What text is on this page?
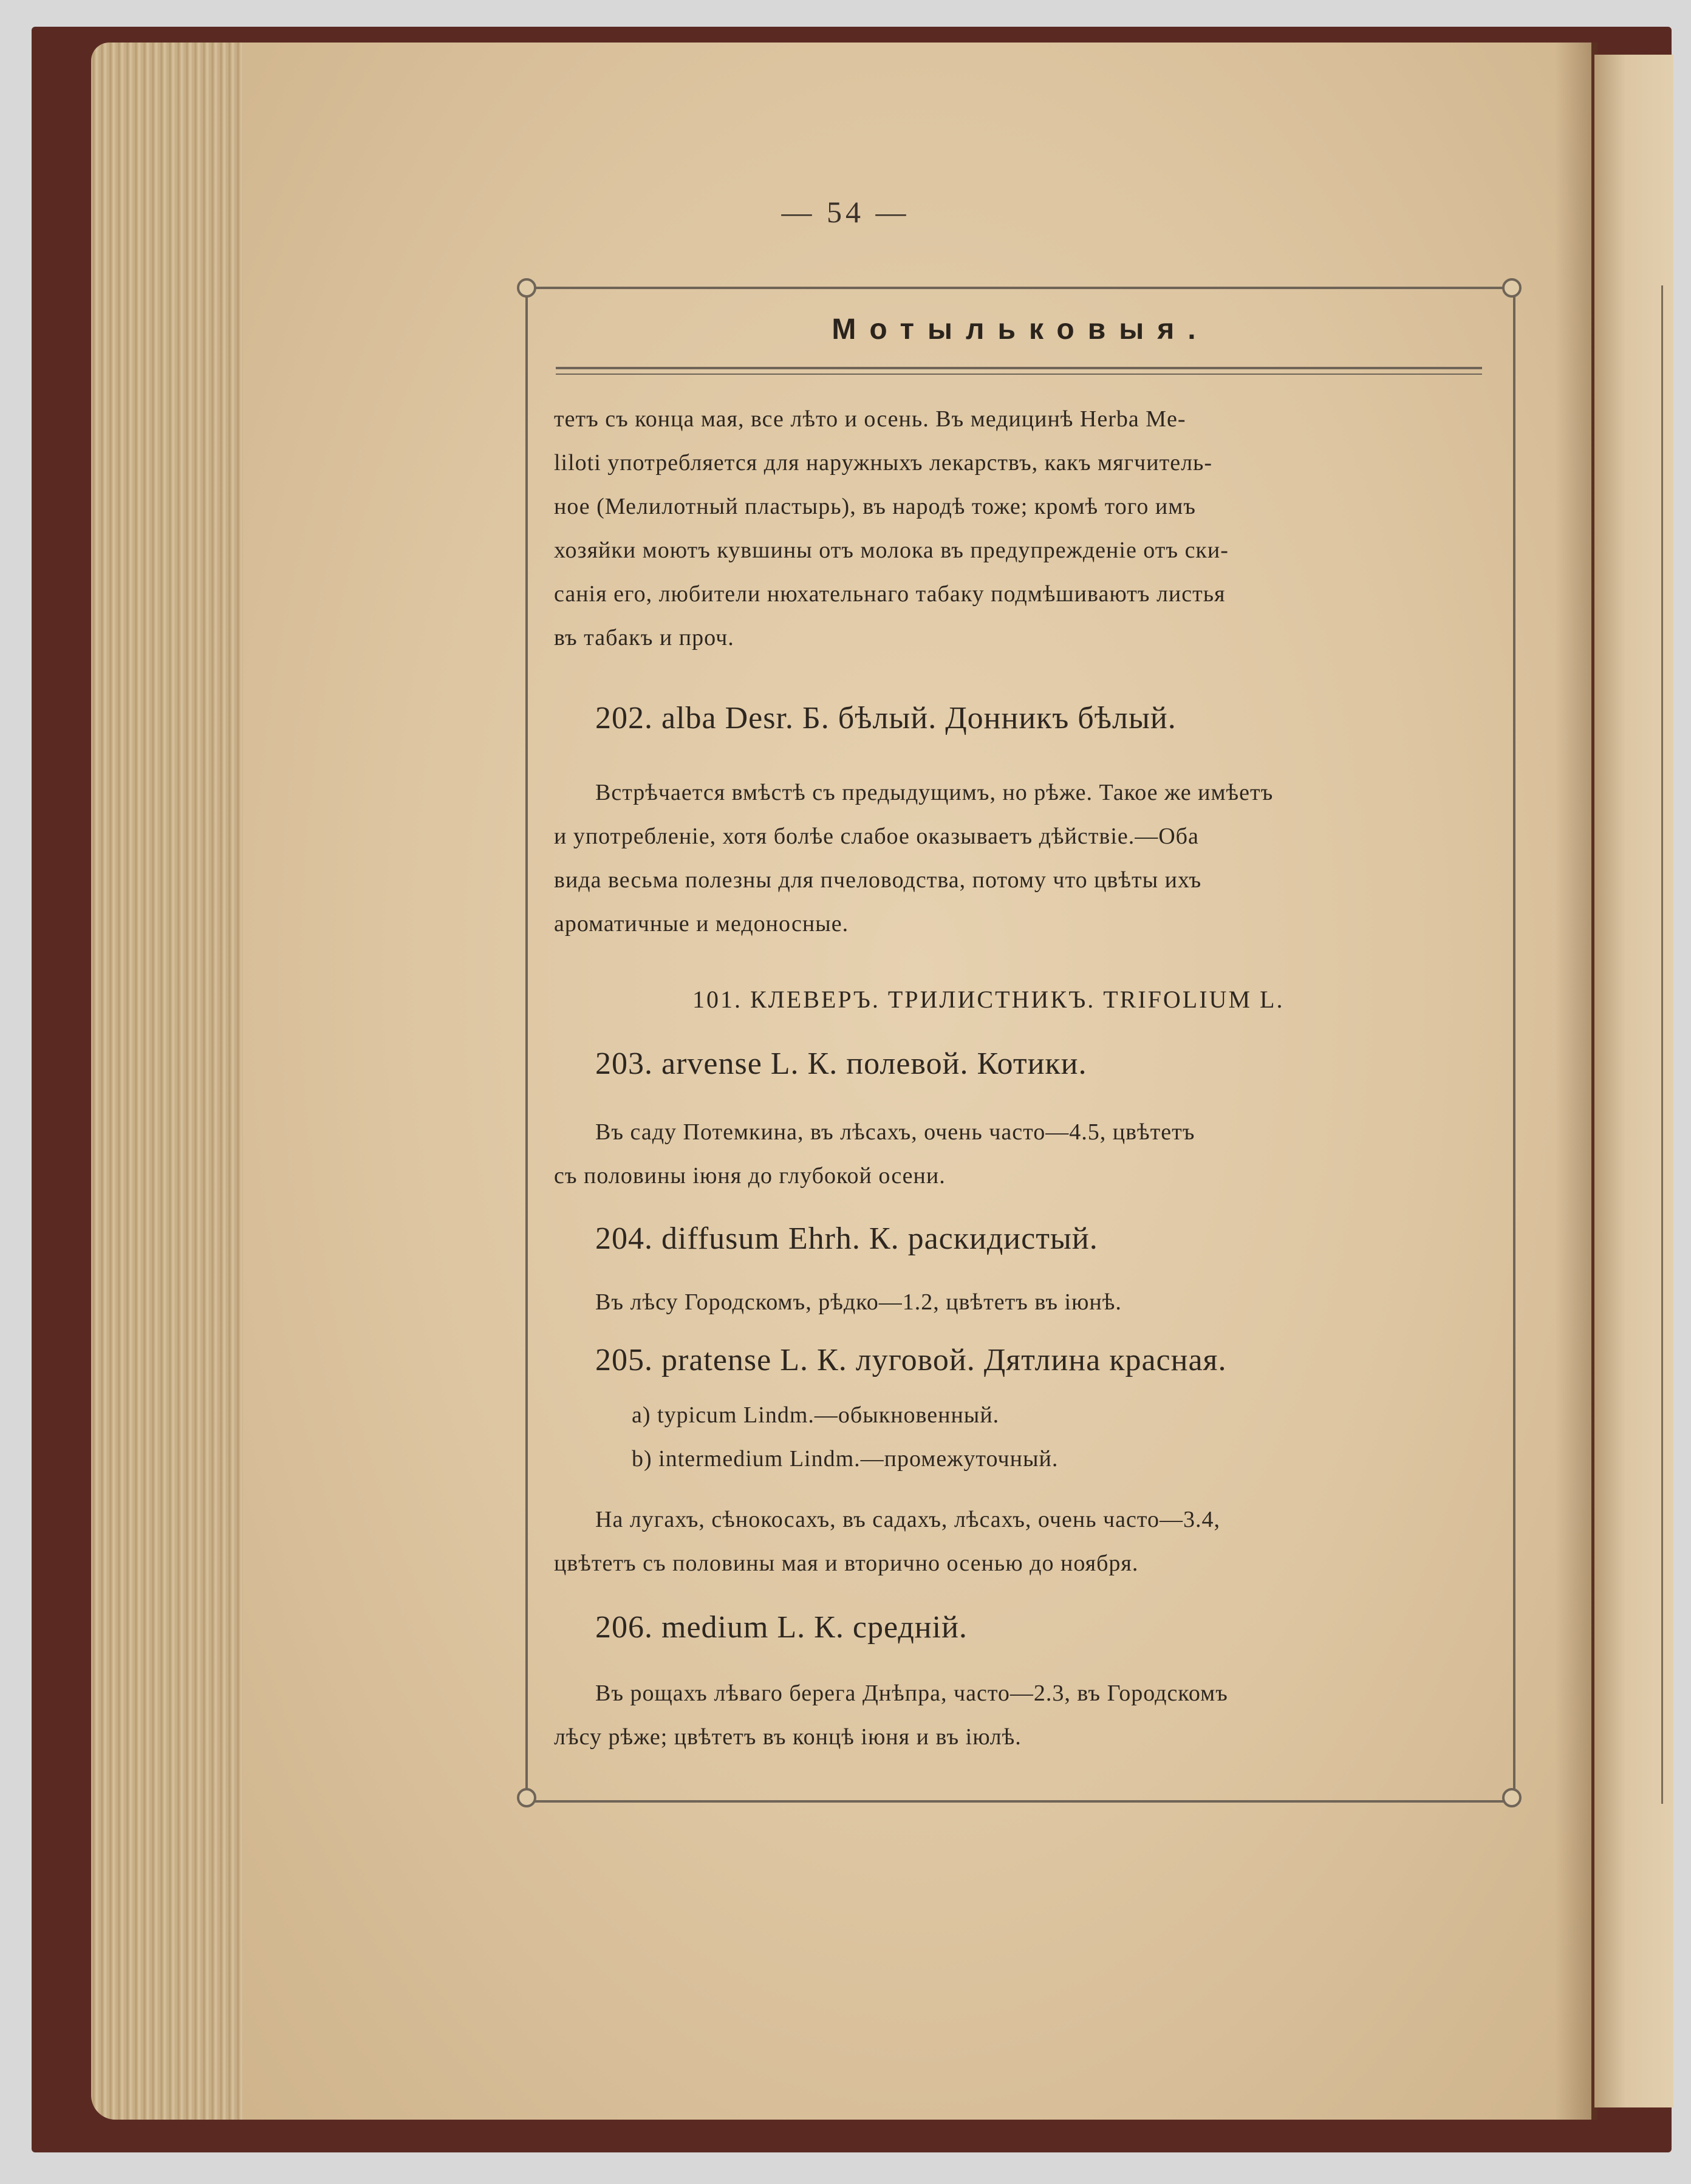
— 54 —
Мотыльковыя.
тетъ съ конца мая, все лѣто и осень. Въ медицинѣ Herba Me-
liloti употребляется для наружныхъ лекарствъ, какъ мягчитель-
ное (Мелилотный пластырь), въ народѣ тоже; кромѣ того имъ
хозяйки моютъ кувшины отъ молока въ предупрежденіе отъ ски-
санія его, любители нюхательнаго табаку подмѣшиваютъ листья
въ табакъ и проч.
202. alba Desr. Б. бѣлый. Донникъ бѣлый.
Встрѣчается вмѣстѣ съ предыдущимъ, но рѣже. Такое же имѣетъ
и употребленіе, хотя болѣе слабое оказываетъ дѣйствіе.—Оба
вида весьма полезны для пчеловодства, потому что цвѣты ихъ
ароматичные и медоносные.
101. КЛЕВЕРЪ. ТРИЛИСТНИКЪ. TRIFOLIUM L.
203. arvense L. К. полевой. Котики.
Въ саду Потемкина, въ лѣсахъ, очень часто—4.5, цвѣтетъ
съ половины іюня до глубокой осени.
204. diffusum Ehrh. К. раскидистый.
Въ лѣсу Городскомъ, рѣдко—1.2, цвѣтетъ въ іюнѣ.
205. pratense L. К. луговой. Дятлина красная.
a) typicum Lindm.—обыкновенный.
b) intermedium Lindm.—промежуточный.
На лугахъ, сѣнокосахъ, въ садахъ, лѣсахъ, очень часто—3.4,
цвѣтетъ съ половины мая и вторично осенью до ноября.
206. medium L. К. средній.
Въ рощахъ лѣваго берега Днѣпра, часто—2.3, въ Городскомъ
лѣсу рѣже; цвѣтетъ въ концѣ іюня и въ іюлѣ.
